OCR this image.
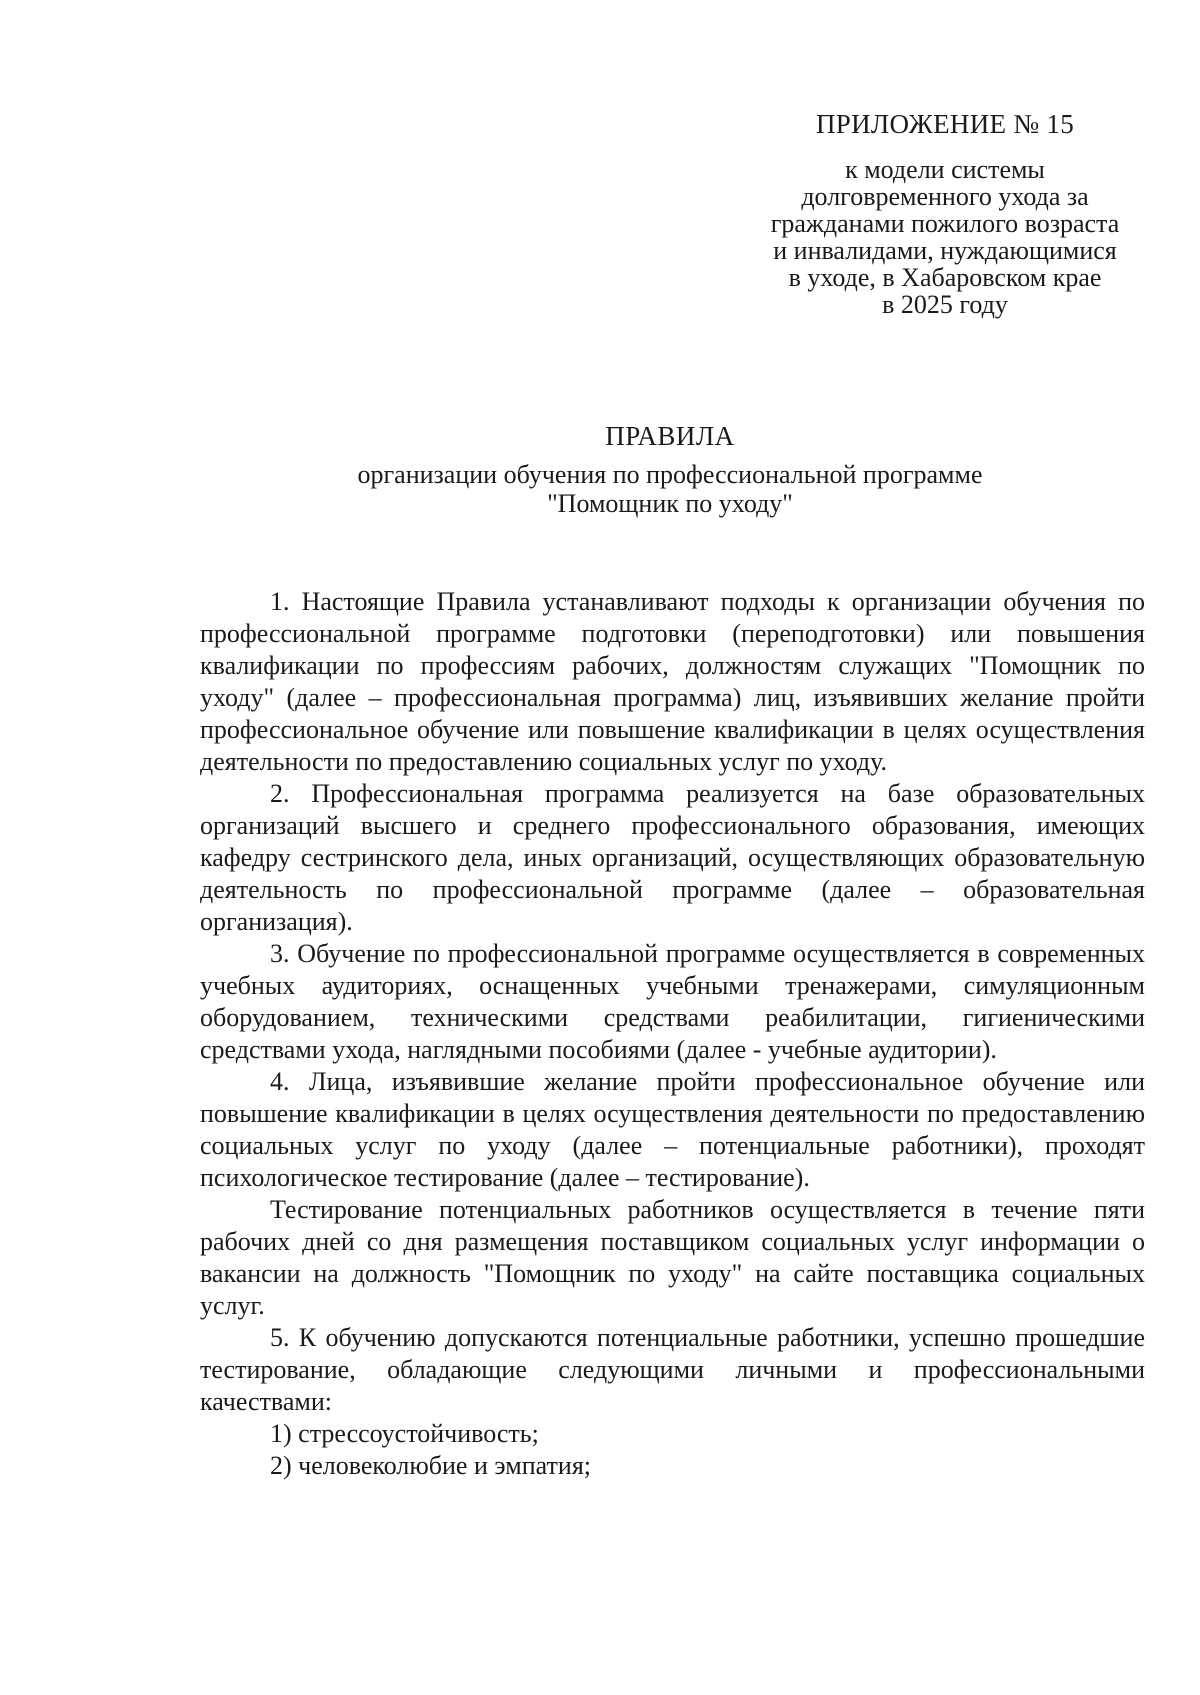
ПРИЛОЖЕНИЕ № 15

к модели системы
долговременного ухода за
гражданами пожилого возраста
и инвалидами, нуждающимися
в уходе, в Хабаровском крае
в 2025 году

ПРАВИЛА
организации обучения по профессиональной программе
"Помощник по уходу"

1. Настоящие Правила устанавливают подходы к организации обучения по профессиональной программе подготовки (переподготовки) или повышения квалификации по профессиям рабочих, должностям служащих "Помощник по уходу" (далее – профессиональная программа) лиц, изъявивших желание пройти профессиональное обучение или повышение квалификации в целях осуществления деятельности по предоставлению социальных услуг по уходу.

2. Профессиональная программа реализуется на базе образовательных организаций высшего и среднего профессионального образования, имеющих кафедру сестринского дела, иных организаций, осуществляющих образовательную деятельность по профессиональной программе (далее – образовательная организация).

3. Обучение по профессиональной программе осуществляется в современных учебных аудиториях, оснащенных учебными тренажерами, симуляционным оборудованием, техническими средствами реабилитации, гигиеническими средствами ухода, наглядными пособиями (далее - учебные аудитории).

4. Лица, изъявившие желание пройти профессиональное обучение или повышение квалификации в целях осуществления деятельности по предоставлению социальных услуг по уходу (далее – потенциальные работники), проходят психологическое тестирование (далее – тестирование).

Тестирование потенциальных работников осуществляется в течение пяти рабочих дней со дня размещения поставщиком социальных услуг информации о вакансии на должность "Помощник по уходу" на сайте поставщика социальных услуг.

5. К обучению допускаются потенциальные работники, успешно прошедшие тестирование, обладающие следующими личными и профессиональными качествами:

1) стрессоустойчивость;

2) человеколюбие и эмпатия;
